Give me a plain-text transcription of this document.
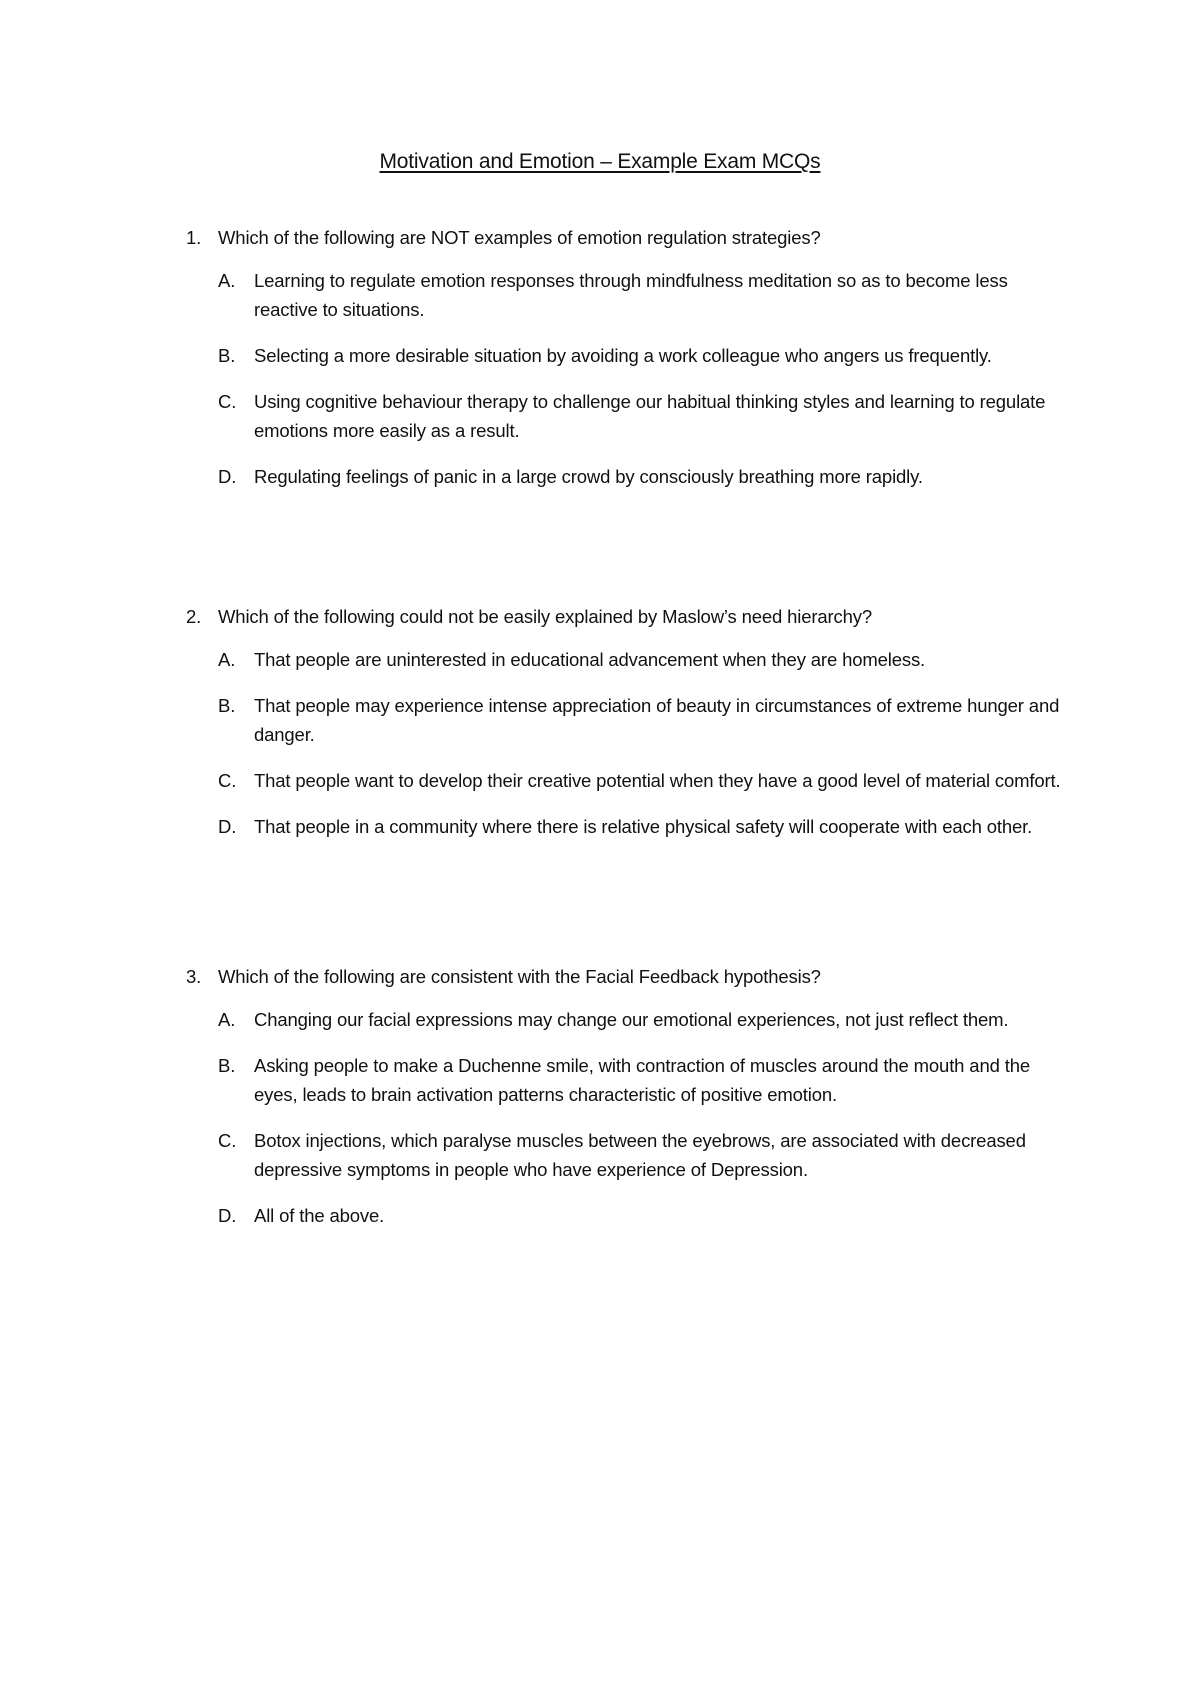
Motivation and Emotion – Example Exam MCQs
1. Which of the following are NOT examples of emotion regulation strategies?
A.	Learning to regulate emotion responses through mindfulness meditation so as to become less reactive to situations.
B.	Selecting a more desirable situation by avoiding a work colleague who angers us frequently.
C. Using cognitive behaviour therapy to challenge our habitual thinking styles and learning to regulate emotions more easily as a result.
D. Regulating feelings of panic in a large crowd by consciously breathing more rapidly.
2. Which of the following could not be easily explained by Maslow’s need hierarchy?
A.	That people are uninterested in educational advancement when they are homeless.
B.	That people may experience intense appreciation of beauty in circumstances of extreme hunger and danger.
C. That people want to develop their creative potential when they have a good level of material comfort.
D. That people in a community where there is relative physical safety will cooperate with each other.
3. Which of the following are consistent with the Facial Feedback hypothesis?
A.	Changing our facial expressions may change our emotional experiences, not just reflect them.
B.	Asking people to make a Duchenne smile, with contraction of muscles around the mouth and the eyes, leads to brain activation patterns characteristic of positive emotion.
C. Botox injections, which paralyse muscles between the eyebrows, are associated with decreased depressive symptoms in people who have experience of Depression.
D. All of the above.
